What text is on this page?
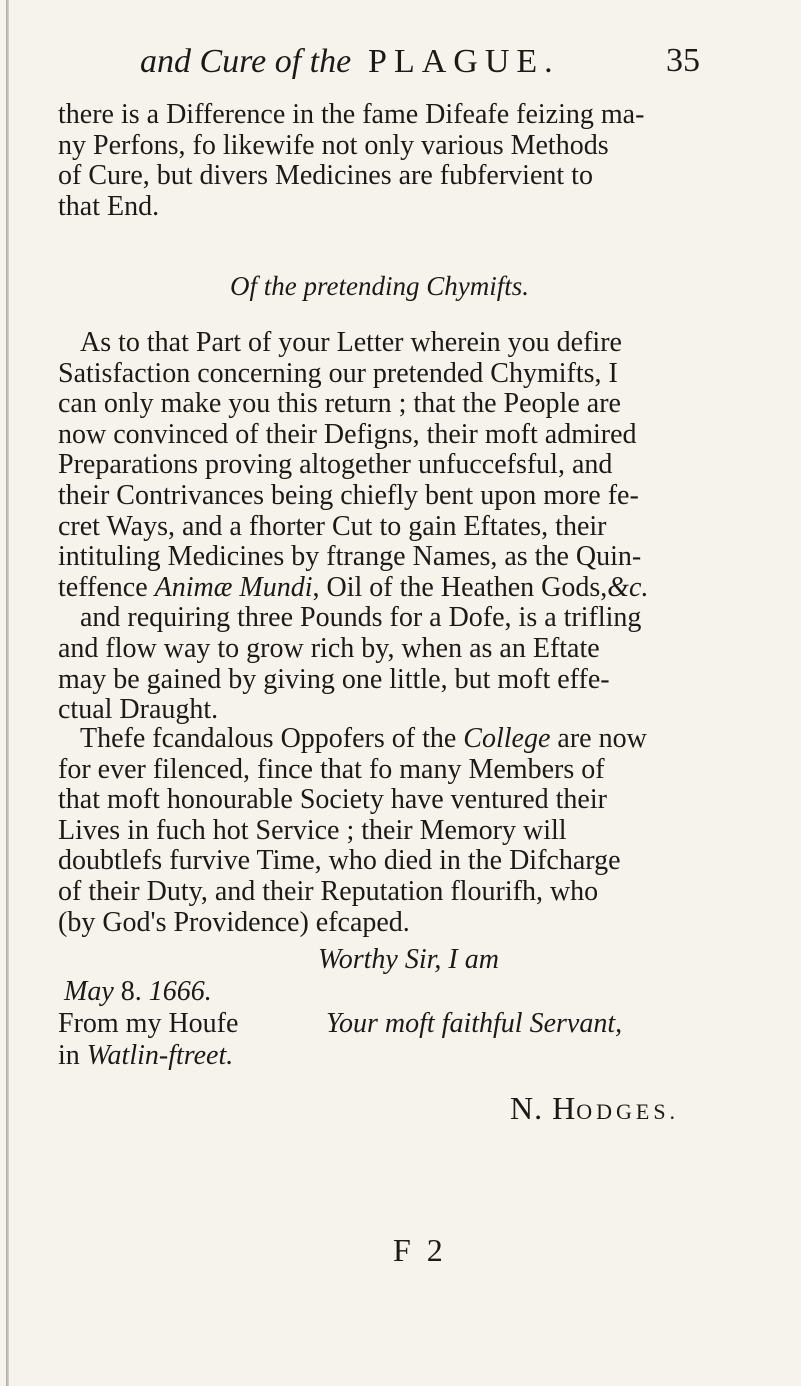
and Cure of the PLAGUE.	35
there is a Difference in the fame Difeafe feizing ma-
ny Perfons, fo likewife not only various Methods
of Cure, but divers Medicines are fubfervient to
that End.
Of the pretending Chymifts.
As to that Part of your Letter wherein you defire
Satisfaction concerning our pretended Chymifts, I
can only make you this return ; that the People are
now convinced of their Defigns, their moft admired
Preparations proving altogether unfuccefsful, and
their Contrivances being chiefly bent upon more fe-
cret Ways, and a fhorter Cut to gain Eftates, their
intituling Medicines by ftrange Names, as the Quin-
teffence Animæ Mundi, Oil of the Heathen Gods,&c.
and requiring three Pounds for a Dofe, is a trifling
and flow way to grow rich by, when as an Eftate
may be gained by giving one little, but moft effe-
ctual Draught.
Thefe fcandalous Oppofers of the College are now
for ever filenced, fince that fo many Members of
that moft honourable Society have ventured their
Lives in fuch hot Service ; their Memory will
doubtlefs furvive Time, who died in the Difcharge
of their Duty, and their Reputation flourifh, who
(by God's Providence) efcaped.
Worthy Sir, I am
May 8. 1666.
From my Houfe	Your moft faithful Servant,
in Watlin-ftreet.
N. HODGES.
F 2
